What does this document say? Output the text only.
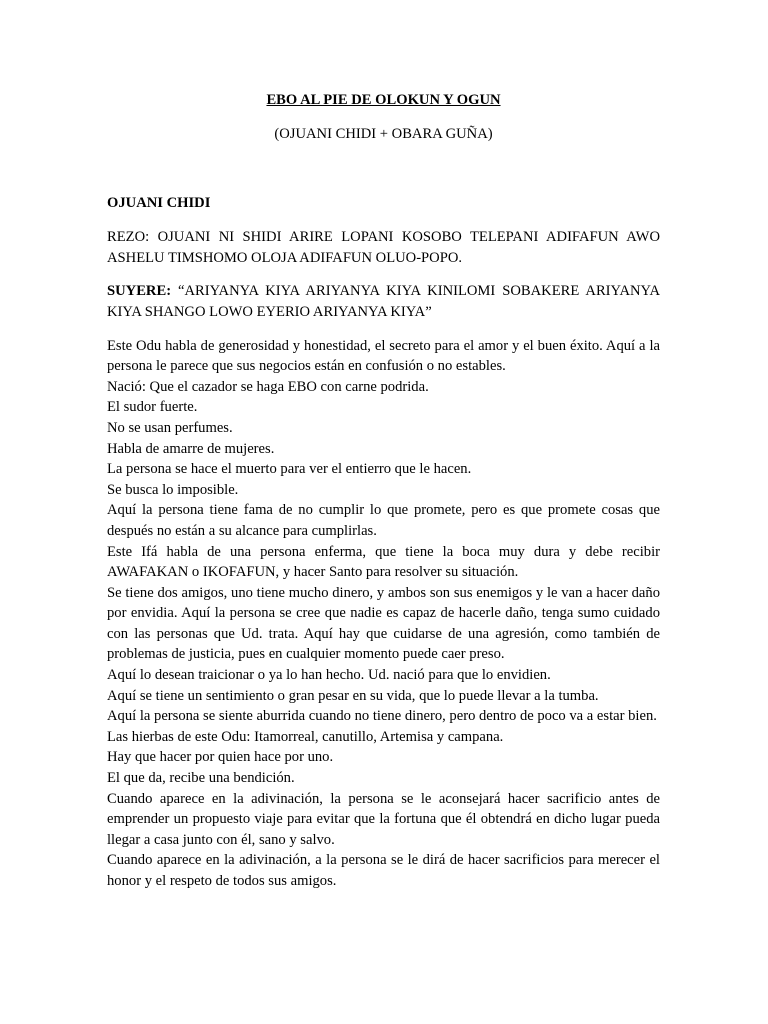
EBO AL PIE DE OLOKUN Y OGUN

(OJUANI CHIDI + OBARA GUÑA)

OJUANI CHIDI

REZO: OJUANI NI SHIDI ARIRE LOPANI KOSOBO TELEPANI ADIFAFUN AWO ASHELU TIMSHOMO OLOJA ADIFAFUN OLUO-POPO.

SUYERE: “ARIYANYA KIYA ARIYANYA KIYA KINILOMI SOBAKERE ARIYANYA KIYA SHANGO LOWO EYERIO ARIYANYA KIYA”

Este Odu habla de generosidad y honestidad, el secreto para el amor y el buen éxito. Aquí a la persona le parece que sus negocios están en confusión o no estables.

Nació: Que el cazador se haga EBO con carne podrida.

El sudor fuerte.

No se usan perfumes.

Habla de amarre de mujeres.

La persona se hace el muerto para ver el entierro que le hacen.

Se busca lo imposible.

Aquí la persona tiene fama de no cumplir lo que promete, pero es que promete cosas que después no están a su alcance para cumplirlas.

Este Ifá habla de una persona enferma, que tiene la boca muy dura y debe recibir AWAFAKAN o IKOFAFUN, y hacer Santo para resolver su situación.

Se tiene dos amigos, uno tiene mucho dinero, y ambos son sus enemigos y le van a hacer daño por envidia. Aquí la persona se cree que nadie es capaz de hacerle daño, tenga sumo cuidado con las personas que Ud. trata. Aquí hay que cuidarse de una agresión, como también de problemas de justicia, pues en cualquier momento puede caer preso.

Aquí lo desean traicionar o ya lo han hecho. Ud. nació para que lo envidien.

Aquí se tiene un sentimiento o gran pesar en su vida, que lo puede llevar a la tumba.

Aquí la persona se siente aburrida cuando no tiene dinero, pero dentro de poco va a estar bien.

Las hierbas de este Odu: Itamorreal, canutillo, Artemisa y campana.

Hay que hacer por quien hace por uno.

El que da, recibe una bendición.

Cuando aparece en la adivinación, la persona se le aconsejará hacer sacrificio antes de emprender un propuesto viaje para evitar que la fortuna que él obtendrá en dicho lugar pueda llegar a casa junto con él, sano y salvo.

Cuando aparece en la adivinación, a la persona se le dirá de hacer sacrificios para merecer el honor y el respeto de todos sus amigos.
